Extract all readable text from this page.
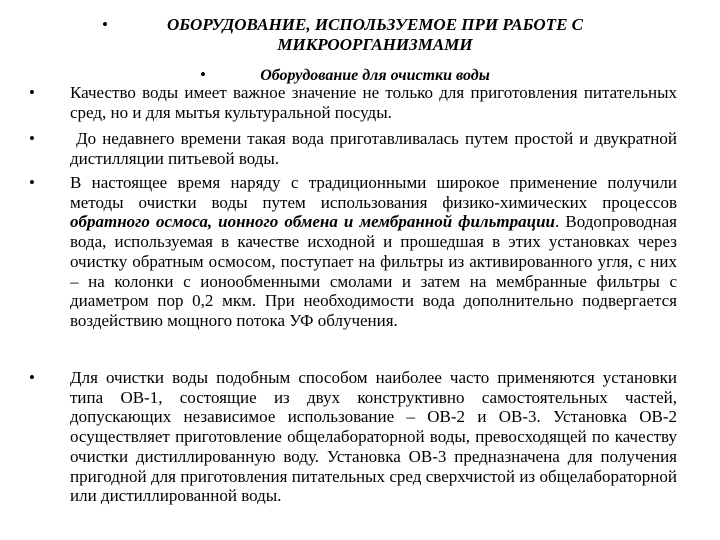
•	ОБОРУДОВАНИЕ, ИСПОЛЬЗУЕМОЕ ПРИ РАБОТЕ С МИКРООРГАНИЗМАМИ
•	Оборудование для очистки воды
• Качество воды имеет важное значение не только для приготовления питательных сред, но и для мытья культуральной посуды.
• До недавнего времени такая вода приготавливалась путем простой и двукратной дистилляции питьевой воды.
• В настоящее время наряду с традиционными широкое применение получили методы очистки воды путем использования физико-химических процессов обратного осмоса, ионного обмена и мембранной фильтрации. Водопроводная вода, используемая в качестве исходной и прошедшая в этих установках через очистку обратным осмосом, поступает на фильтры из активированного угля, с них – на колонки с ионообменными смолами и затем на мембранные фильтры с диаметром пор 0,2 мкм. При необходимости вода дополнительно подвергается воздействию мощного потока УФ облучения.
• Для очистки воды подобным способом наиболее часто применяются установки типа ОВ-1, состоящие из двух конструктивно самостоятельных частей, допускающих независимое использование – ОВ-2 и ОВ-3. Установка ОВ-2 осуществляет приготовление общелабораторной воды, превосходящей по качеству очистки дистиллированную воду. Установка ОВ-3 предназначена для получения пригодной для приготовления питательных сред сверхчистой из общелабораторной или дистиллированной воды.
